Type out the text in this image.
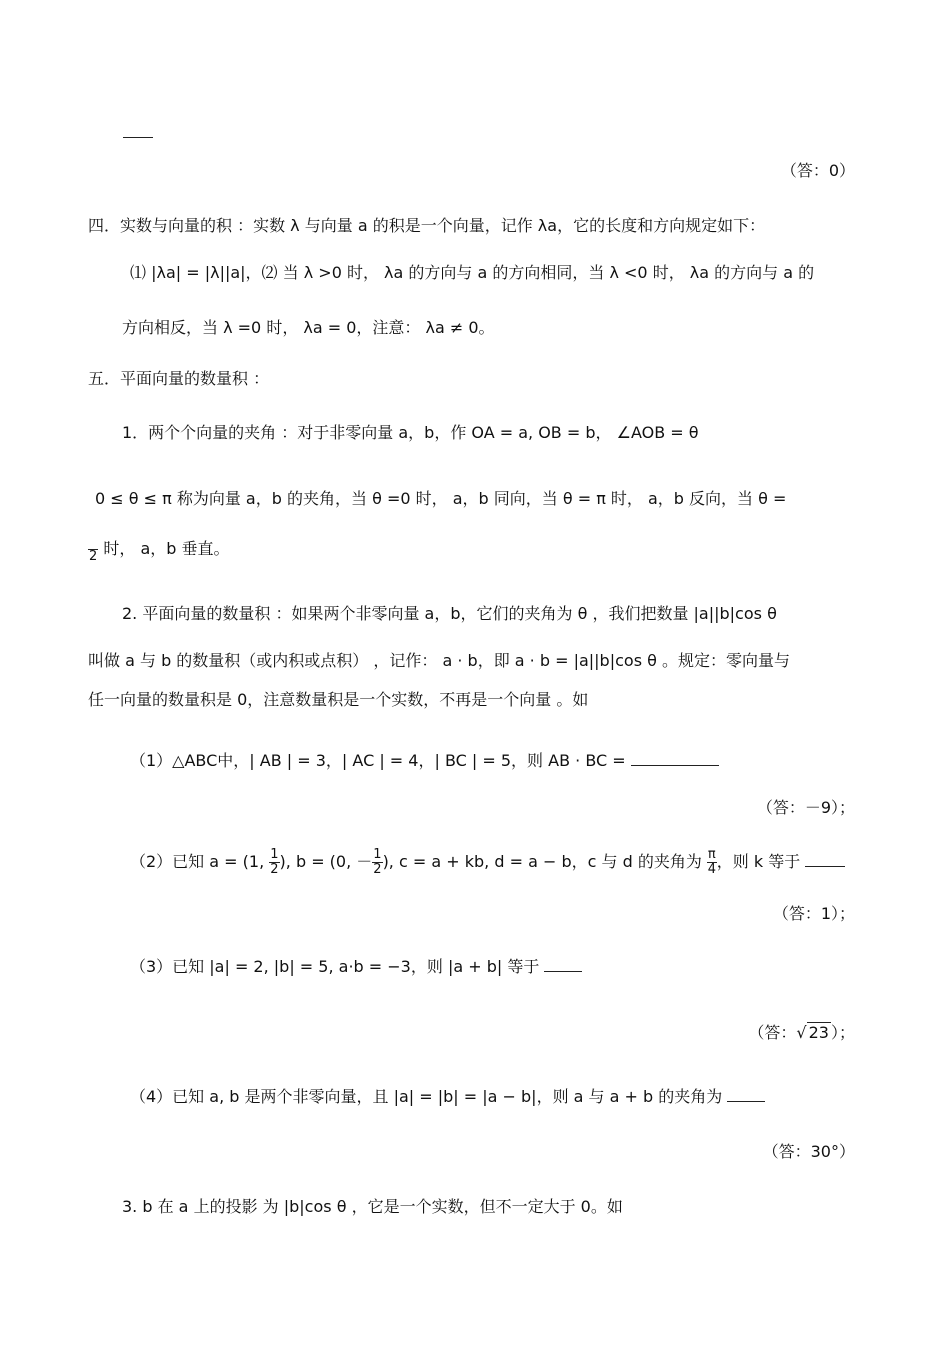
（答：0）
四．实数与向量的积 ：实数 λ 与向量 a 的积是一个向量，记作 λa，它的长度和方向规定如下：
⑴ |λa| = |λ||a|，⑵ 当 λ >0 时， λa 的方向与 a 的方向相同，当 λ <0 时， λa 的方向与 a 的
方向相反，当 λ =0 时， λa = 0，注意： λa ≠ 0。
五．平面向量的数量积 ：
1．两个个向量的夹角 ：对于非零向量 a，b，作 OA = a, OB = b， ∠AOB = θ
0 ≤ θ ≤ π 称为向量 a，b 的夹角，当 θ =0 时， a，b 同向，当 θ = π 时， a，b 反向，当 θ =

2 时， a，b 垂直。
2. 平面向量的数量积 ：如果两个非零向量 a，b，它们的夹角为 θ ，我们把数量 |a||b|cos θ
叫做 a 与 b 的数量积（或内积或点积） ，记作： a · b，即 a · b = |a||b|cos θ 。规定：零向量与
任一向量的数量积是 0，注意数量积是一个实数，不再是一个向量 。如
（1）△ABC中，| AB | = 3，| AC | = 4，| BC | = 5，则 AB · BC =
（答：－9）；
（2）已知 a = (1, $\frac{1}{2}$ ), b = (0, － $\frac{1}{2}$ ), c = a + kb, d = a − b，c 与 d 的夹角为 $\frac{\pi}{4}$ ，则 k 等于
（答：1）；
（3）已知 |a| = 2, |b| = 5, a·b = −3，则 |a + b| 等于
（答：√ 23 ）；
（4）已知 a, b 是两个非零向量，且 |a| = |b| = |a − b|，则 a 与 a + b 的夹角为
（答：30°）
3. b 在 a 上的投影 为 |b|cos θ ，它是一个实数，但不一定大于 0。如
